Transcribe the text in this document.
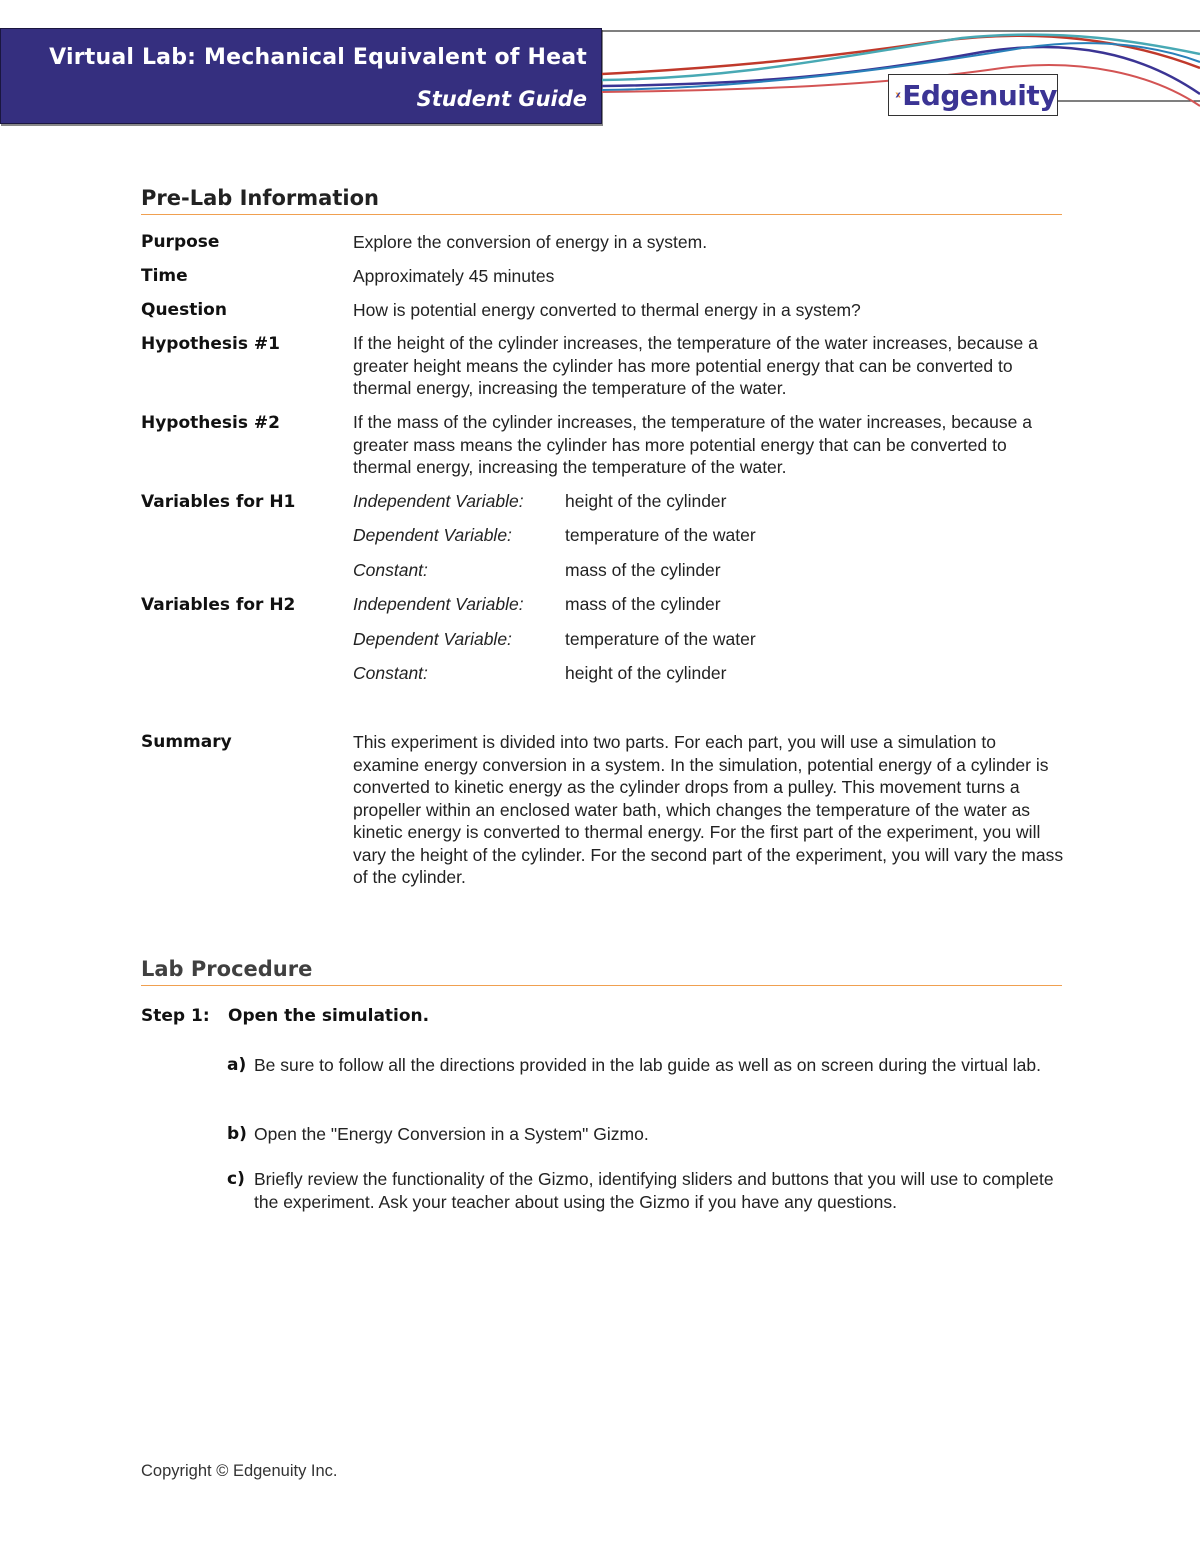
Virtual Lab: Mechanical Equivalent of Heat
Student Guide	Edgenuity
Pre-Lab Information
Purpose	Explore the conversion of energy in a system.

Time	Approximately 45 minutes

Question	How is potential energy converted to thermal energy in a system?

Hypothesis #1	If the height of the cylinder increases, the temperature of the water increases, because a greater height means the cylinder has more potential energy that can be converted to thermal energy, increasing the temperature of the water.

Hypothesis #2	If the mass of the cylinder increases, the temperature of the water increases, because a greater mass means the cylinder has more potential energy that can be converted to thermal energy, increasing the temperature of the water.

Variables for H1	Independent Variable: height of the cylinder
Dependent Variable:	temperature of the water
Constant:	mass of the cylinder
Variables for H2	Independent Variable: mass of the cylinder
Dependent Variable:	temperature of the water
Constant:	height of the cylinder
Summary	This experiment is divided into two parts. For each part, you will use a simulation to examine energy conversion in a system. In the simulation, potential energy of a cylinder is converted to kinetic energy as the cylinder drops from a pulley. This movement turns a propeller within an enclosed water bath, which changes the temperature of the water as kinetic energy is converted to thermal energy. For the first part of the experiment, you will vary the height of the cylinder. For the second part of the experiment, you will vary the mass of the cylinder.

Lab Procedure
Step 1: Open the simulation.
a) Be sure to follow all the directions provided in the lab guide as well as on screen during the virtual lab.

b) Open the "Energy Conversion in a System" Gizmo.

c) Briefly review the functionality of the Gizmo, identifying sliders and buttons that you will use to complete the experiment. Ask your teacher about using the Gizmo if you have any questions.

Copyright © Edgenuity Inc.
